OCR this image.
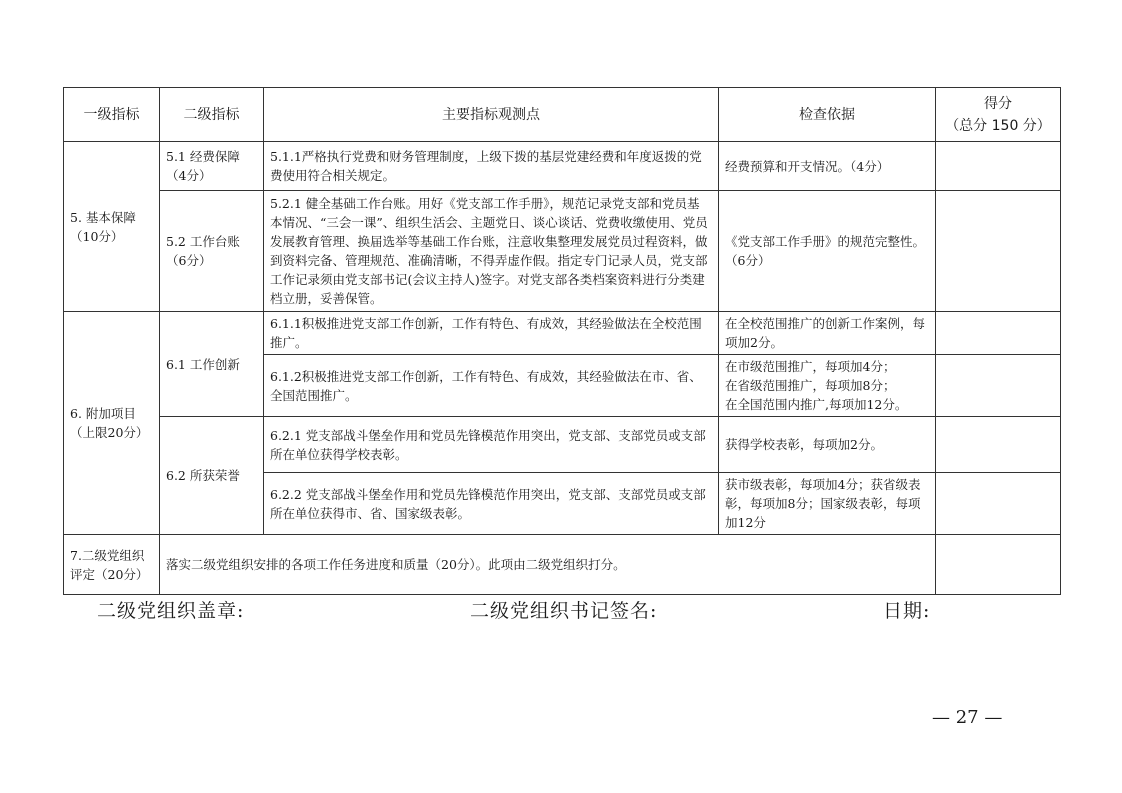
一级指标	二级指标	主要指标观测点	检查依据	得分
（总分 150 分）

5. 基本保障（10分）	5.1 经费保障（4分）	5.1.1严格执行党费和财务管理制度，上级下拨的基层党建经费和年度返拨的党费使用符合相关规定。	经费预算和开支情况。（4分）	
	5.2 工作台账（6分）	5.2.1 健全基础工作台账。用好《党支部工作手册》，规范记录党支部和党员基本情况、“三会一课”、组织生活会、主题党日、谈心谈话、党费收缴使用、党员发展教育管理、换届选举等基础工作台账，注意收集整理发展党员过程资料，做到资料完备、管理规范、准确清晰，不得弄虚作假。指定专门记录人员，党支部工作记录须由党支部书记(会议主持人)签字。对党支部各类档案资料进行分类建档立册，妥善保管。	《党支部工作手册》的规范完整性。（6分）	
6. 附加项目（上限20分）	6.1 工作创新	6.1.1积极推进党支部工作创新，工作有特色、有成效，其经验做法在全校范围推广。	在全校范围推广的创新工作案例，每项加2分。	
		6.1.2积极推进党支部工作创新，工作有特色、有成效，其经验做法在市、省、全国范围推广。	在市级范围推广，每项加4分；
在省级范围推广，每项加8分；
在全国范围内推广,每项加12分。	

	6.2 所获荣誉	6.2.1 党支部战斗堡垒作用和党员先锋模范作用突出，党支部、支部党员或支部所在单位获得学校表彰。	获得学校表彰，每项加2分。	
		6.2.2 党支部战斗堡垒作用和党员先锋模范作用突出，党支部、支部党员或支部所在单位获得市、省、国家级表彰。	获市级表彰，每项加4分；获省级表彰，每项加8分；国家级表彰，每项加12分	
7.二级党组织评定（20分）	落实二级党组织安排的各项工作任务进度和质量（20分）。此项由二级党组织打分。			
二级党组织盖章:	二级党组织书记签名:	日期:
— 27 —
